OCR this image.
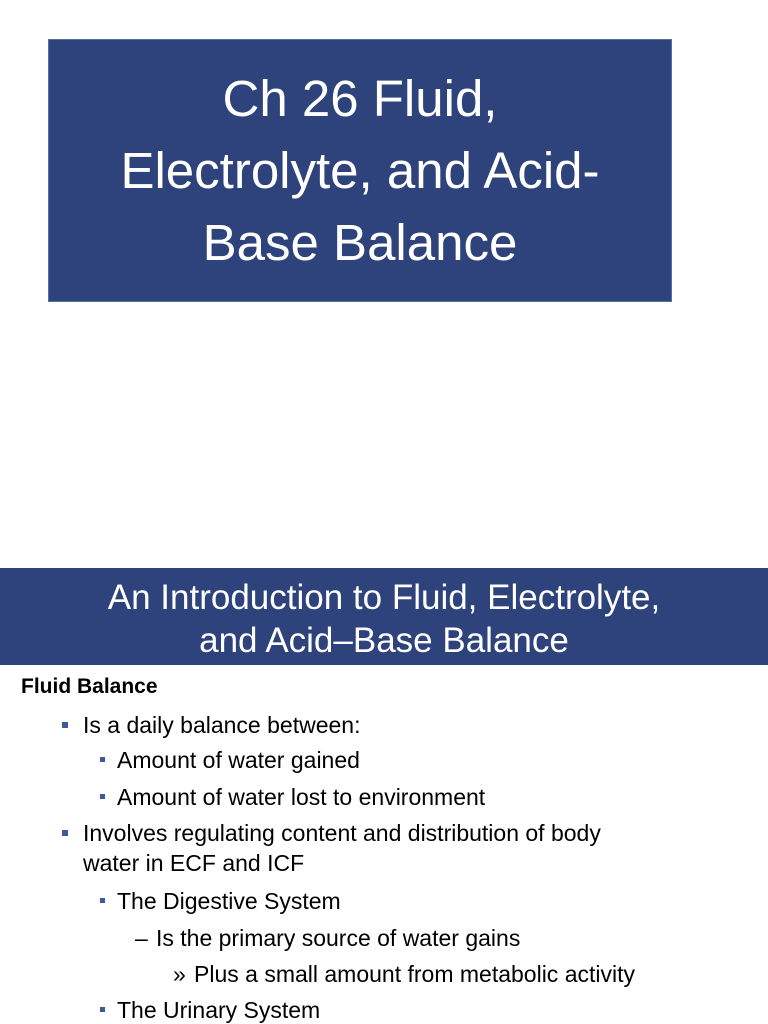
Ch 26 Fluid,
Electrolyte, and Acid-
Base Balance
An Introduction to Fluid, Electrolyte,
and Acid–Base Balance
Fluid Balance
Is a daily balance between:
Amount of water gained
Amount of water lost to environment
Involves regulating content and distribution of body
water in ECF and ICF
The Digestive System
– Is the primary source of water gains
» Plus a small amount from metabolic activity
The Urinary System
